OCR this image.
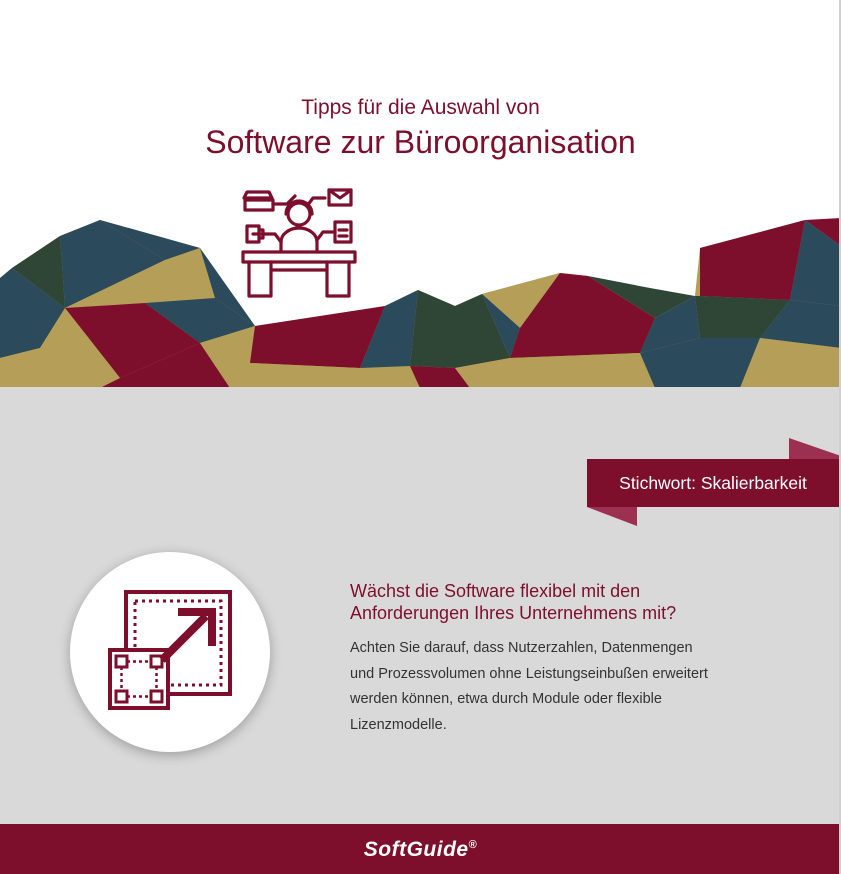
Tipps für die Auswahl von
Software zur Büroorganisation
Stichwort: Skalierbarkeit
Wächst die Software flexibel mit den
Anforderungen Ihres Unternehmens mit?
Achten Sie darauf, dass Nutzerzahlen, Datenmengen
und Prozessvolumen ohne Leistungseinbußen erweitert
werden können, etwa durch Module oder flexible
Lizenzmodelle.
SoftGuide®
